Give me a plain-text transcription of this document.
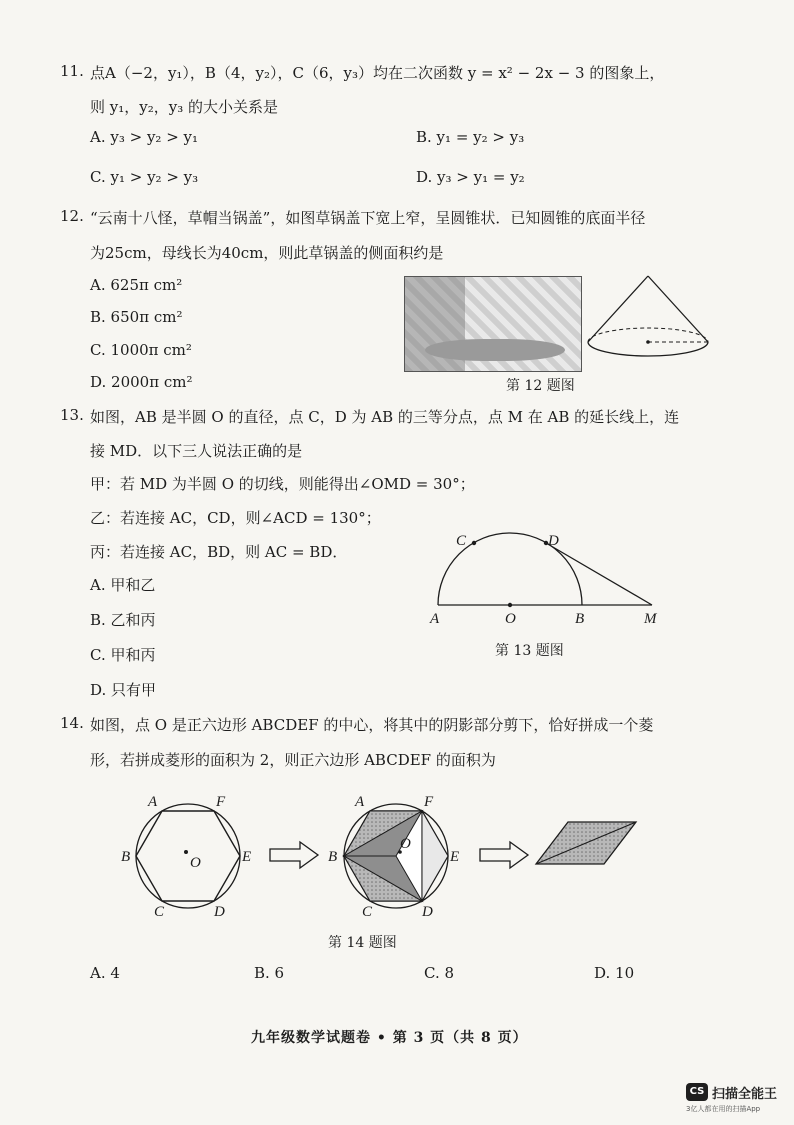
11. 点A（−2，y₁），B（4，y₂），C（6，y₃）均在二次函数 y = x² − 2x − 3 的图象上，
则 y₁，y₂，y₃ 的大小关系是
A. y₃ > y₂ > y₁	B. y₁ = y₂ > y₃
C. y₁ > y₂ > y₃	D. y₃ > y₁ = y₂
12. “云南十八怪，草帽当锅盖”，如图草锅盖下宽上窄，呈圆锥状．已知圆锥的底面半径
为25cm，母线长为40cm，则此草锅盖的侧面积约是
A. 625π cm²
B. 650π cm²
C. 1000π cm²
D. 2000π cm²	第 12 题图
13. 如图，AB 是半圆 O 的直径，点 C，D 为 AB 的三等分点，点 M 在 AB 的延长线上，连
接 MD．以下三人说法正确的是
甲：若 MD 为半圆 O 的切线，则能得出∠OMD = 30°；
乙：若连接 AC，CD，则∠ACD = 130°；
丙：若连接 AC，BD，则 AC = BD．
A. 甲和乙
B. 乙和丙
C. 甲和丙
D. 只有甲
C	D
A	O	B	M
第 13 题图
14. 如图，点 O 是正六边形 ABCDEF 的中心，将其中的阴影部分剪下，恰好拼成一个菱
形，若拼成菱形的面积为 2，则正六边形 ABCDEF 的面积为
A	F
B	E
O
C	D
A	F
B	E
O
C	D
第 14 题图
A. 4	B. 6	C. 8	D. 10
九年级数学试题卷 • 第 3 页（共 8 页）
CS 扫描全能王
3亿人都在用的扫描App
